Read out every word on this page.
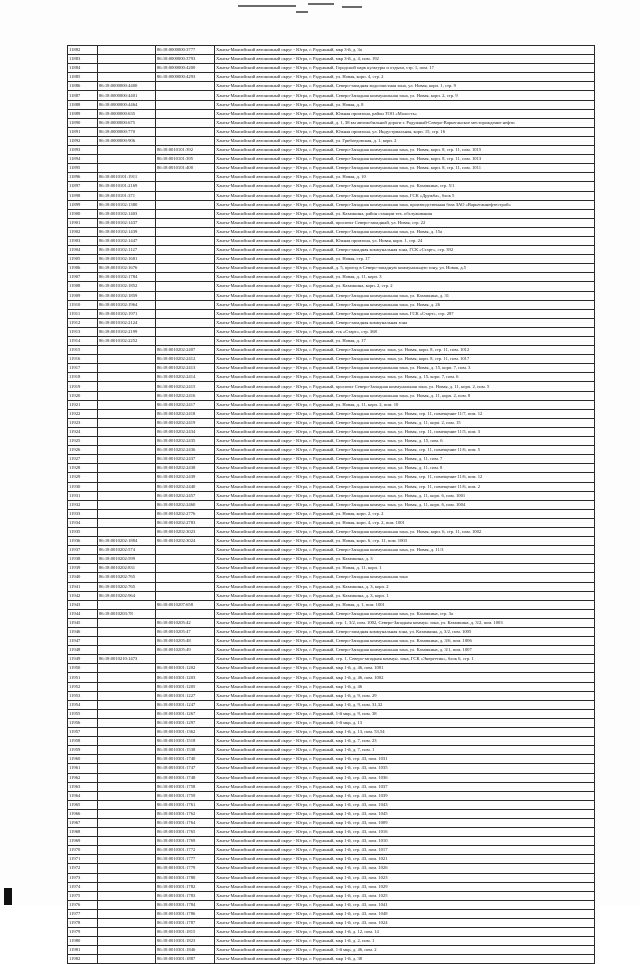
11882		86:18:0000000:3777	Ханты-Мансийский автономный округ - Югра, г. Радужный, мкр 3-й, д. 3а
11883		86:18:0000000:3793	Ханты-Мансийский автономный округ - Югра, г. Радужный, мкр 3-й, д. 4, пом. 192
11884		86:18:0000000:4200	Ханты-Мансийский автономный округ - Югра, г. Радужный, Городской парк культуры и отдыха, стр. 1, пом. 17
11885		86:18:0000000:4293	Ханты-Мансийский автономный округ - Югра, г. Радужный, ул. Новая, корп. 4, стр. 2
11886	86:18:0000000:4400		Ханты-Мансийский автономный округ - Югра, г. Радужный, Северо-западная водоочистная зона, ул. Новая, корп. 1, стр. 9
11887	86:18:0000000:4401		Ханты-Мансийский автономный округ - Югра, г. Радужный, Северо-Западная коммунальная зона, ул. Новая, корп. 2, стр. 9
11888	86:18:0000000:4464		Ханты-Мансийский автономный округ - Югра, г. Радужный, ул. Новая, д. 8
11889	86:18:0000000:635		Ханты-Мансийский автономный округ - Югра, г. Радужный, Южная промзона, район ТОО «Малость»
11890	86:18:0000000:675		Ханты-Мансийский автономный округ - Югра, г. Радужный, д. 1, 38 км автомобильной дороги г. Радужный-Северо-Варьеганское месторождение нефти
11891	86:18:0000000:770		Ханты-Мансийский автономный округ - Югра, г. Радужный, Южная промзона, ул. Индустриальная, корп. 15, стр. 16
11892	86:18:0000000:906		Ханты-Мансийский автономный округ - Югра, г. Радужный, ул. Грибоедовская, д. 1, корп. 2
11893		86:18:0010101:392	Ханты-Мансийский автономный округ - Югра, г. Радужный, Северо-Западная коммунальная зона, ул. Новая, корп. 8, стр. 11, пом. 1015
11894		86:18:0010101:395	Ханты-Мансийский автономный округ - Югра, г. Радужный, Северо-Западная коммунальная зона, ул. Новая, корп. 8, стр. 11, пом. 1013
11895		86:18:0010101:400	Ханты-Мансийский автономный округ - Югра, г. Радужный, Северо-Западная коммунальная зона, ул. Новая, корп. 8, стр. 11, пом. 1011
11896	86:18:0010101:1911		Ханты-Мансийский автономный округ - Югра, г. Радужный, ул. Новая, д. 10
11897	86:18:0010101:2169		Ханты-Мансийский автономный округ - Югра, г. Радужный, Северо-Западная коммунальная зона, ул. Казамкина, стр. 5/1
11898	86:18:0010101:371		Ханты-Мансийский автономный округ - Югра, г. Радужный, Северо-Западная коммунальная зона, ГСК «Дружба», блок 5
11899	86:18:0010102:1380		Ханты-Мансийский автономный округ - Югра, г. Радужный, Северо-Западная коммунальная зона, производственная база ЗАО «Варьеганнефтестрой»
11900	86:18:0010102:1403		Ханты-Мансийский автономный округ - Югра, г. Радужный, ул. Казамкина, район станции тех. обслуживания
11901	86:18:0010102:1437		Ханты-Мансийский автономный округ - Югра, г. Радужный, проспект Северо-западный, ул. Новая, стр. 22
11902	86:18:0010102:1439		Ханты-Мансийский автономный округ - Югра, г. Радужный, Северо-Западная коммунальная зона, ул. Новая, д. 15а
11903	86:18:0010102:1447		Ханты-Мансийский автономный округ - Югра, г. Радужный, Южная промзона, ул. Новая, корп. 1, стр. 24
11904	86:18:0010102:1127		Ханты-Мансийский автономный округ - Югра, г. Радужный, Северо-западная коммунальная зона, ГСК «Старт», стр. 392
11905	86:18:0010102:1681		Ханты-Мансийский автономный округ - Югра, г. Радужный, ул. Новая, стр. 17
11906	86:18:0010102:1676		Ханты-Мансийский автономный округ - Югра, г. Радужный, д. 5, проезд в Северо-западную коммунальную зону, ул. Новая, д.5
11907	86:18:0010102:1784		Ханты-Мансийский автономный округ - Югра, г. Радужный, ул. Новая, д. 11, корп. 3
11908	86:18:0010102:1852		Ханты-Мансийский автономный округ - Югра, г. Радужный, ул. Казамкина, корп. 2, стр. 2
11909	86:18:0010102:1859		Ханты-Мансийский автономный округ - Югра, г. Радужный, Северо-Западная коммунальная зона, ул. Казамкина, д. 31
11910	86:18:0010102:1964		Ханты-Мансийский автономный округ - Югра, г. Радужный, Северо-Западная коммунальная зона, ул. Новая, д. 26
11911	86:18:0010102:1971		Ханты-Мансийский автономный округ - Югра, г. Радужный, Северо-Западная коммунальная зона, ГСК «Старт», стр. 287
11912	86:18:0010102:2124		Ханты-Мансийский автономный округ - Югра, г. Радужный, Северо-западная коммунальная зона
11913	86:18:0010102:2199		Ханты-Мансийский автономный округ - Югра, г. Радужный, гск «Старт», стр. 368
11914	86:18:0010102:2252		Ханты-Мансийский автономный округ - Югра, г. Радужный, ул. Новая, д. 17
11915		86:18:0010202:2407	Ханты-Мансийский автономный округ - Югра, г. Радужный, Северо-Западная коммун. зона, ул. Новая, корп. 8, стр. 11, пом. 1012
11916		86:18:0010202:2412	Ханты-Мансийский автономный округ - Югра, г. Радужный, Северо-Западная коммун. зона, ул. Новая, корп. 8, стр. 11, пом. 1017
11917		86:18:0010202:2413	Ханты-Мансийский автономный округ - Югра, г. Радужный, Северо-Западная коммунальная зона, ул. Новая, д. 15, корп. 7, пом. 3
11918		86:18:0010202:2414	Ханты-Мансийский автономный округ - Югра, г. Радужный, Северо-Западная коммун. зона, ул. Новая, д. 15, корп. 7, пом. 6
11919		86:18:0010202:2415	Ханты-Мансийский автономный округ - Югра, г. Радужный, проспект Северо-Западная коммунальная зона, ул. Новая, д. 11, корп. 2, пом. 5
11920		86:18:0010202:2416	Ханты-Мансийский автономный округ - Югра, г. Радужный, Северо-Западная коммунальная зона, ул. Новая, д. 11, корп. 2, пом. 8
11921		86:18:0010202:2417	Ханты-Мансийский автономный округ - Югра, г. Радужный, ул. Новая, д. 11, корп. 2, пом. 10
11922		86:18:0010202:2418	Ханты-Мансийский автономный округ - Югра, г. Радужный, Северо-Западная коммун. зона, ул. Новая, стр. 11, помещение 11/7, пом. 12
11923		86:18:0010202:2419	Ханты-Мансийский автономный округ - Югра, г. Радужный, Северо-Западная коммун. зона, ул. Новая, д. 11, корп. 2, пом. 15
11924		86:18:0010202:2434	Ханты-Мансийский автономный округ - Югра, г. Радужный, Северо-Западная коммун. зона, ул. Новая, стр. 11, помещение 11/5, пом. 3
11925		86:18:0010202:2435	Ханты-Мансийский автономный округ - Югра, г. Радужный, Северо-Западная коммун. зона, ул. Новая, д. 15, пом. 6
11926		86:18:0010202:2436	Ханты-Мансийский автономный округ - Югра, г. Радужный, Северо-Западная коммун. зона, ул. Новая, стр. 11, помещение 11/6, пом. 5
11927		86:18:0010202:2437	Ханты-Мансийский автономный округ - Югра, г. Радужный, Северо-Западная коммун. зона, ул. Новая, д. 11, пом. 7
11928		86:18:0010202:2438	Ханты-Мансийский автономный округ - Югра, г. Радужный, Северо-Западная коммун. зона, ул. Новая, д. 11, пом. 8
11929		86:18:0010202:2439	Ханты-Мансийский автономный округ - Югра, г. Радужный, Северо-Западная коммун. зона, ул. Новая, стр. 11, помещение 11/6, пом. 12
11930		86:18:0010202:2440	Ханты-Мансийский автономный округ - Югра, г. Радужный, Северо-Западная коммун. зона, ул. Новая, стр. 11, помещение 11/6, пом. 2
11931		86:18:0010202:2457	Ханты-Мансийский автономный округ - Югра, г. Радужный, Северо-Западная коммун. зона, ул. Новая, д. 11, корп. 6, пом. 1001
11932		86:18:0010202:2460	Ханты-Мансийский автономный округ - Югра, г. Радужный, Северо-Западная коммун. зона, ул. Новая, д. 11, корп. 6, пом. 1004
11933		86:18:0010202:2776	Ханты-Мансийский автономный округ - Югра, г. Радужный, ул. Новая, корп. 2, стр. 2
11934		86:18:0010202:2783	Ханты-Мансийский автономный округ - Югра, г. Радужный, ул. Новая, корп. 4, стр. 2, пом. 1001
11935		86:18:0010202:3023	Ханты-Мансийский автономный округ - Югра, г. Радужный, Северо-Западная коммунальная зона, ул. Новая, корп. 6, стр. 11, пом. 1002
11936	86:18:0010202:1884	86:18:0010202:3024	Ханты-Мансийский автономный округ - Югра, г. Радужный, ул. Новая, корп. 6, стр. 11, пом. 1003
11937	86:18:0010202:574		Ханты-Мансийский автономный округ - Югра, г. Радужный, Северо-Западная коммунальная зона, ул. Новая, д. 11/3
11938	86:18:0010202:599		Ханты-Мансийский автономный округ - Югра, г. Радужный, ул. Казамкина, д. 3
11939	86:18:0010202:831		Ханты-Мансийский автономный округ - Югра, г. Радужный, ул. Новая, д. 11, корп. 1
11940	86:18:0010202:765		Ханты-Мансийский автономный округ - Югра, г. Радужный, Северо-Западная коммунальная зона
11941	86:18:0010202:765		Ханты-Мансийский автономный округ - Югра, г. Радужный, ул. Казамкина, д. 3, корп. 2
11942	86:18:0010202:964		Ханты-Мансийский автономный округ - Югра, г. Радужный, ул. Казамкина, д. 3, корп. 1
11943		86:18:0010207:658	Ханты-Мансийский автономный округ - Югра, г. Радужный, ул. Новая, д. 1, пом. 1001
11944	86:18:0010203:78		Ханты-Мансийский автономный округ - Югра, г. Радужный, Северо-Западная коммунальная зона, ул. Казамкина, стр. 3а
11945		86:18:0010205:42	Ханты-Мансийский автономный округ - Югра, г. Радужный, стр. 1, 3/2, пом. 1002, Северо-Западная коммун. зона, ул. Казамкина, д. 3/2, пом. 1003
11946		86:18:0010205:47	Ханты-Мансийский автономный округ - Югра, г. Радужный, Северо-западная коммунальная зона, ул. Казамкина, д. 3/2, пом. 1005
11947		86:18:0010205:48	Ханты-Мансийский автономный округ - Югра, г. Радужный, Северо-Западная коммунальная зона, ул. Казамкина, д. 3/6, пом. 1006
11948		86:18:0010205:49	Ханты-Мансийский автономный округ - Югра, г. Радужный, Северо-Западная коммунальная зона, ул. Казамкина, д. 3/1, пом. 1007
11949	86:18:0010210:1473		Ханты-Мансийский автономный округ - Югра, г. Радужный, стр. 1, Северо-западная коммун. зона, ГСК «Энергетик», блок 6, стр. 1
11950		86:18:0010301:1202	Ханты-Мансийский автономный округ - Югра, г. Радужный, мкр 1-й, д. 46, пом. 1001
11951		86:18:0010301:1203	Ханты-Мансийский автономный округ - Югра, г. Радужный, мкр 1-й, д. 46, пом. 1002
11952		86:18:0010301:1205	Ханты-Мансийский автономный округ - Югра, г. Радужный, мкр 1-й, д. 46
11953		86:18:0010301:1227	Ханты-Мансийский автономный округ - Югра, г. Радужный, мкр 1-й, д. 9, пом. 29
11954		86:18:0010301:1247	Ханты-Мансийский автономный округ - Югра, г. Радужный, мкр 1-й, д. 9, пом. 31,32
11955		86:18:0010301:1267	Ханты-Мансийский автономный округ - Югра, г. Радужный, 1-й мкр, д. 9, пом. 38
11956		86:18:0010301:1297	Ханты-Мансийский автономный округ - Югра, г. Радужный, 1-й мкр, д. 13
11957		86:18:0010301:1362	Ханты-Мансийский автономный округ - Югра, г. Радужный, мкр 1-й, д. 13, пом. 53,54
11958		86:18:0010301:1518	Ханты-Мансийский автономный округ - Югра, г. Радужный, мкр 1-й, д. 7, пом. 23
11959		86:18:0010301:1538	Ханты-Мансийский автономный округ - Югра, г. Радужный, мкр 1-й, д. 7, пом. 1
11960		86:18:0010301:1740	Ханты-Мансийский автономный округ - Югра, г. Радужный, мкр 1-й, стр. 43, пом. 1031
11961		86:18:0010301:1747	Ханты-Мансийский автономный округ - Югра, г. Радужный, мкр 1-й, стр. 43, пом. 1035
11962		86:18:0010301:1748	Ханты-Мансийский автономный округ - Югра, г. Радужный, мкр 1-й, стр. 43, пом. 1036
11963		86:18:0010301:1758	Ханты-Мансийский автономный округ - Югра, г. Радужный, мкр 1-й, стр. 43, пом. 1037
11964		86:18:0010301:1759	Ханты-Мансийский автономный округ - Югра, г. Радужный, мкр 1-й, стр. 43, пом. 1039
11965		86:18:0010301:1761	Ханты-Мансийский автономный округ - Югра, г. Радужный, мкр 1-й, стр. 43, пом. 1043
11966		86:18:0010301:1762	Ханты-Мансийский автономный округ - Югра, г. Радужный, мкр 1-й, стр. 43, пом. 1045
11967		86:18:0010301:1764	Ханты-Мансийский автономный округ - Югра, г. Радужный, мкр 1-й, стр. 43, пом. 1009
11968		86:18:0010301:1765	Ханты-Мансийский автономный округ - Югра, г. Радужный, мкр 1-й, стр. 43, пом. 1016
11969		86:18:0010301:1769	Ханты-Мансийский автономный округ - Югра, г. Радужный, мкр 1-й, стр. 43, пом. 1010
11970		86:18:0010301:1772	Ханты-Мансийский автономный округ - Югра, г. Радужный, мкр 1-й, стр. 43, пом. 1017
11971		86:18:0010301:1777	Ханты-Мансийский автономный округ - Югра, г. Радужный, мкр 1-й, стр. 43, пом. 1021
11972		86:18:0010301:1779	Ханты-Мансийский автономный округ - Югра, г. Радужный, мкр 1-й, стр. 43, пом. 1026
11973		86:18:0010301:1780	Ханты-Мансийский автономный округ - Югра, г. Радужный, мкр 1-й, стр. 43, пом. 1023
11974		86:18:0010301:1782	Ханты-Мансийский автономный округ - Югра, г. Радужный, мкр 1-й, стр. 43, пом. 1029
11975		86:18:0010301:1783	Ханты-Мансийский автономный округ - Югра, г. Радужный, мкр 1-й, стр. 43, пом. 1025
11976		86:18:0010301:1784	Ханты-Мансийский автономный округ - Югра, г. Радужный, мкр 1-й, стр. 43, пом. 1041
11977		86:18:0010301:1786	Ханты-Мансийский автономный округ - Югра, г. Радужный, мкр 1-й, стр. 43, пом. 1048
11978		86:18:0010301:1787	Ханты-Мансийский автономный округ - Югра, г. Радужный, мкр 1-й, стр. 43, пом. 1024
11979		86:18:0010301:1815	Ханты-Мансийский автономный округ - Югра, г. Радужный, мкр 1-й, д. 12, пом. 14
11980		86:18:0010301:1823	Ханты-Мансийский автономный округ - Югра, г. Радужный, мкр 1-й, д. 2, пом. 1
11981		86:18:0010301:1846	Ханты-Мансийский автономный округ - Югра, г. Радужный, 1-й мкр, д. 46, пом. 2
11982		86:18:0010301:1887	Ханты-Мансийский автономный округ - Югра, г. Радужный, мкр 1-й, д. 38
